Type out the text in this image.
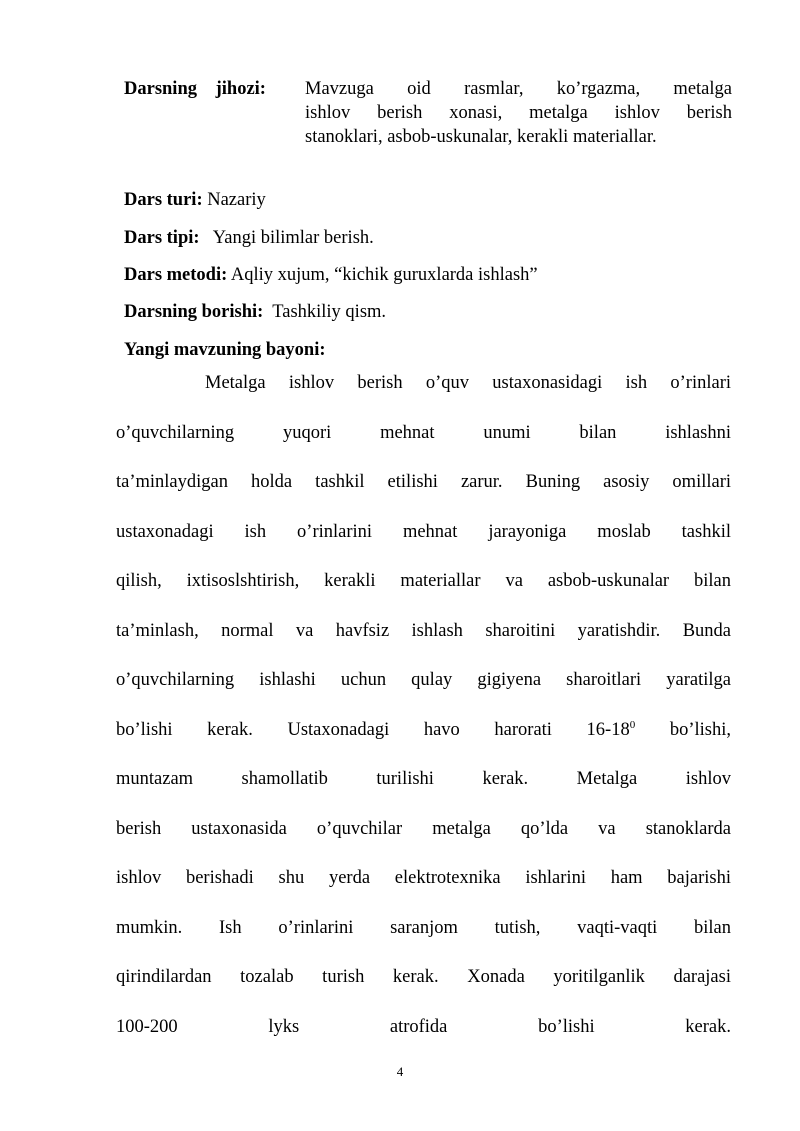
Darsning jihozi: Mavzuga oid rasmlar, ko’rgazma, metalga
ishlov berish xonasi, metalga ishlov berish
stanoklari, asbob-uskunalar, kerakli materiallar.
Dars turi: Nazariy
Dars tipi: Yangi bilimlar berish.
Dars metodi: Aqliy xujum, “kichik guruxlarda ishlash”
Darsning borishi: Tashkiliy qism.
Yangi mavzuning bayoni:
Metalga ishlov berish o’quv ustaxonasidagi ish o’rinlari
o’quvchilarning yuqori mehnat unumi bilan ishlashni
ta’minlaydigan holda tashkil etilishi zarur. Buning asosiy omillari
ustaxonadagi ish o’rinlarini mehnat jarayoniga moslab tashkil
qilish, ixtisoslshtirish, kerakli materiallar va asbob-uskunalar bilan
ta’minlash, normal va havfsiz ishlash sharoitini yaratishdir. Bunda
o’quvchilarning ishlashi uchun qulay gigiyena sharoitlari yaratilga
bo’lishi kerak. Ustaxonadagi havo harorati $16-18^0$ bo’lishi,
muntazam shamollatib turilishi kerak. Metalga ishlov
berish ustaxonasida o’quvchilar metalga qo’lda va stanoklarda
ishlov berishadi shu yerda elektrotexnika ishlarini ham bajarishi
mumkin. Ish o’rinlarini saranjom tutish, vaqti-vaqti bilan
qirindilardan tozalab turish kerak. Xonada yoritilganlik darajasi
100-200 lyks atrofida bo’lishi kerak.
4
